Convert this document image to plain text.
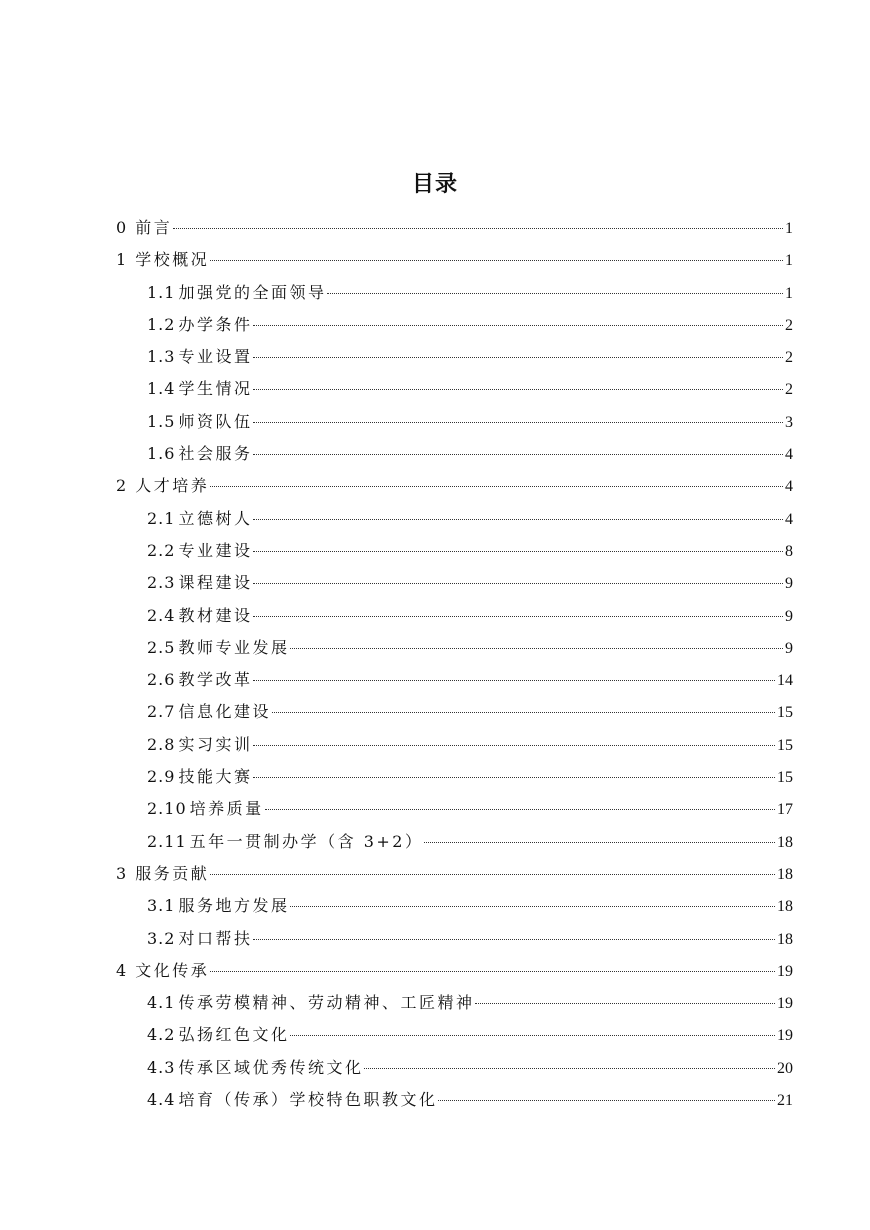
目录
0 前言	1
1 学校概况	1
1.1 加强党的全面领导	1
1.2 办学条件	2
1.3 专业设置	2
1.4 学生情况	2
1.5 师资队伍	3
1.6 社会服务	4
2 人才培养	4
2.1 立德树人	4
2.2 专业建设	8
2.3 课程建设	9
2.4 教材建设	9
2.5 教师专业发展	9
2.6 教学改革	14
2.7 信息化建设	15
2.8 实习实训	15
2.9 技能大赛	15
2.10 培养质量	17
2.11 五年一贯制办学（含 3+2）	18
3 服务贡献	18
3.1 服务地方发展	18
3.2 对口帮扶	18
4 文化传承	19
4.1 传承劳模精神、劳动精神、工匠精神	19
4.2 弘扬红色文化	19
4.3 传承区域优秀传统文化	20
4.4 培育（传承）学校特色职教文化	21
